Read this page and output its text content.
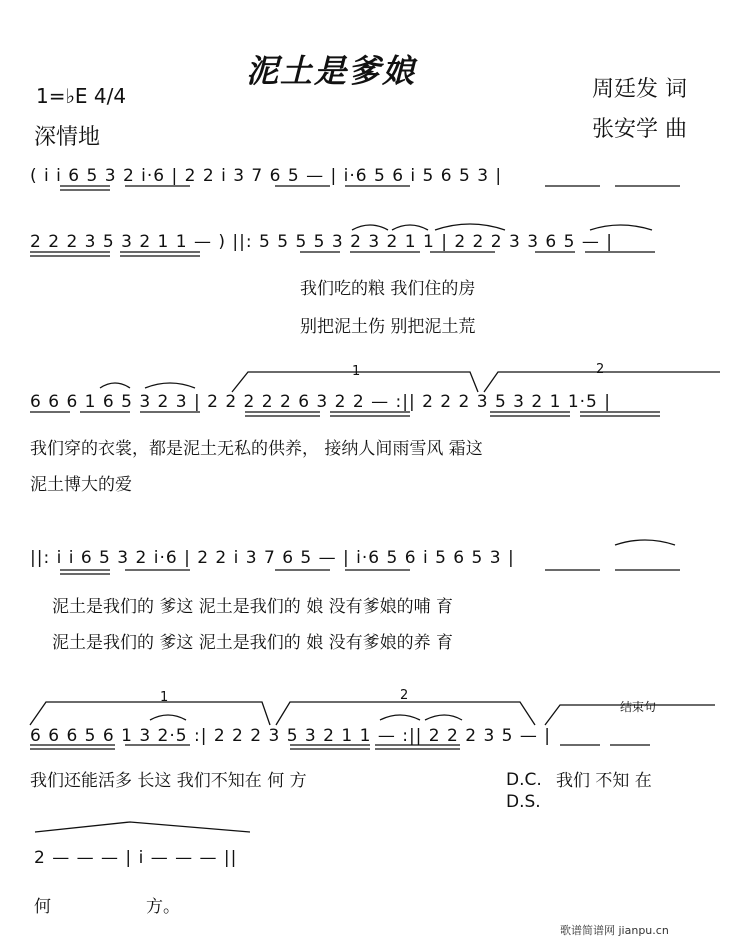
泥土是爹娘
1=♭E 4/4
深情地
周廷发 词
张安学 曲
( i i 6 5 3 2 i·6 | 2 2 i 3 7 6 5 — | i·6 5 6 i 5 6 5 3 |
2 2 2 3 5 3 2 1 1 — ) ||: 5 5 5 5 3 2 3 2 1 1 | 2 2 2 3 3 6 5 — |
我们吃的粮 我们住的房
别把泥土伤 别把泥土荒
1	2
6 6 6 1 6 5 3 2 3 | 2 2 2 2 2 6 3 2 2 — :|| 2 2 2 3 5 3 2 1 1·5 |
我们穿的衣裳，都是泥土无私的供养， 接纳人间雨雪风 霜这
泥土博大的爱
||: i i 6 5 3 2 i·6 | 2 2 i 3 7 6 5 — | i·6 5 6 i 5 6 5 3 |
泥土是我们的 爹这 泥土是我们的 娘 没有爹娘的哺 育
泥土是我们的 爹这 泥土是我们的 娘 没有爹娘的养 育
1	2
结束句
6 6 6 5 6 1 3 2·5 :| 2 2 2 3 5 3 2 1 1 — :|| 2 2 2 3 5 — |
我们还能活多 长这 我们不知在 何 方	D.C.
D.S.
我们 不知 在
2 — — — | i — — — ||
何	方。
歌谱简谱网 jianpu.cn
